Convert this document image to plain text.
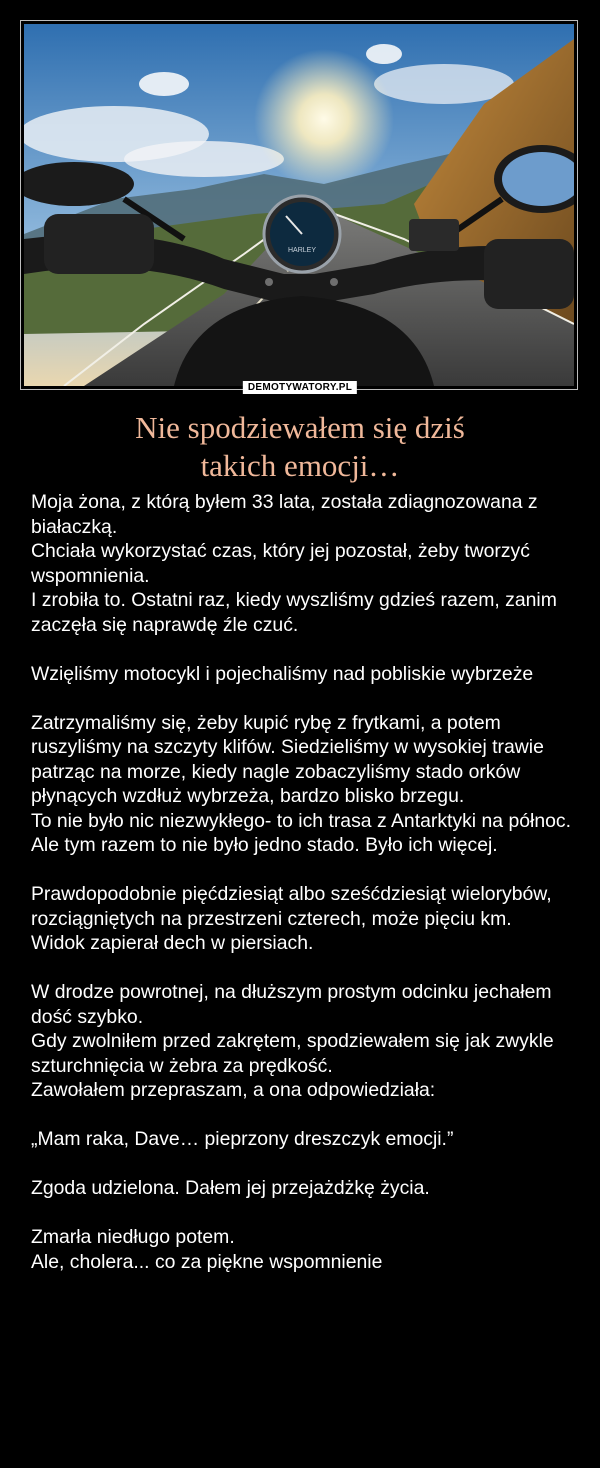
HARLEY
DEMOTYWATORY.PL
Nie spodziewałem się dziś
takich emocji…

Moja żona, z którą byłem 33 lata, została zdiagnozowana z białaczką.

Chciała wykorzystać czas, który jej pozostał, żeby tworzyć wspomnienia.

I zrobiła to. Ostatni raz, kiedy wyszliśmy gdzieś razem, zanim zaczęła się naprawdę źle czuć.

Wzięliśmy motocykl i pojechaliśmy nad pobliskie wybrzeże

Zatrzymaliśmy się, żeby kupić rybę z frytkami, a potem ruszyliśmy na szczyty klifów. Siedzieliśmy w wysokiej trawie patrząc na morze, kiedy nagle zobaczyliśmy stado orków płynących wzdłuż wybrzeża, bardzo blisko brzegu.

To nie było nic niezwykłego- to ich trasa z Antarktyki na północ.

Ale tym razem to nie było jedno stado. Było ich więcej.

Prawdopodobnie pięćdziesiąt albo sześćdziesiąt wielorybów, rozciągniętych na przestrzeni czterech, może pięciu km.

Widok zapierał dech w piersiach.

W drodze powrotnej, na dłuższym prostym odcinku jechałem dość szybko.

Gdy zwolniłem przed zakrętem, spodziewałem się jak zwykle szturchnięcia w żebra za prędkość.

Zawołałem przepraszam, a ona odpowiedziała:

„Mam raka, Dave… pieprzony dreszczyk emocji.”

Zgoda udzielona. Dałem jej przejażdżkę życia.

Zmarła niedługo potem.

Ale, cholera... co za piękne wspomnienie
